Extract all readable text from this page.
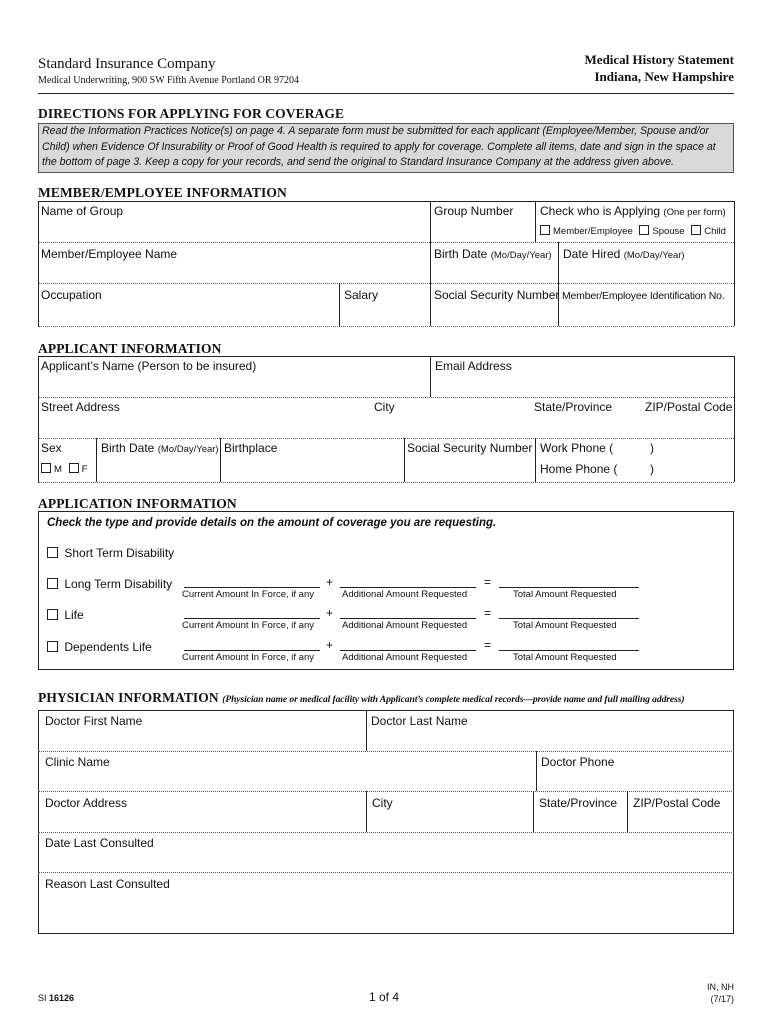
Standard Insurance Company
Medical Underwriting, 900 SW Fifth Avenue Portland OR 97204
Medical History Statement
Indiana, New Hampshire
DIRECTIONS FOR APPLYING FOR COVERAGE
Read the Information Practices Notice(s) on page 4. A separate form must be submitted for each applicant (Employee/Member, Spouse and/or Child) when Evidence Of Insurability or Proof of Good Health is required to apply for coverage. Complete all items, date and sign in the space at the bottom of page 3. Keep a copy for your records, and send the original to Standard Insurance Company at the address given above.
MEMBER/EMPLOYEE INFORMATION
Name of Group	Group Number Check who is Applying (One per form)
Member/Employee Spouse Child
Member/Employee Name	Birth Date (Mo/Day/Year) Date Hired (Mo/Day/Year)
Occupation	Salary	Social Security Number Member/Employee Identification No.
APPLICANT INFORMATION
Applicant’s Name (Person to be insured)	Email Address
Street Address	City	State/Province	ZIP/Postal Code
Sex
M F
Birth Date (Mo/Day/Year) Birthplace	Social Security Number Work Phone (	)
Home Phone (	)
APPLICATION INFORMATION
Check the type and provide details on the amount of coverage you are requesting.
Short Term Disability
Long Term Disability	+	=
Current Amount In Force, if any	Additional Amount Requested	Total Amount Requested
Life	+	=
Current Amount In Force, if any	Additional Amount Requested	Total Amount Requested
Dependents Life	+	=
Current Amount In Force, if any	Additional Amount Requested	Total Amount Requested
PHYSICIAN INFORMATION (Physician name or medical facility with Applicant’s complete medical records—provide name and full mailing address)
Doctor First Name	Doctor Last Name
Clinic Name	Doctor Phone
Doctor Address	City	State/Province ZIP/Postal Code
Date Last Consulted
Reason Last Consulted
SI 16126	1 of 4
IN, NH
(7/17)
